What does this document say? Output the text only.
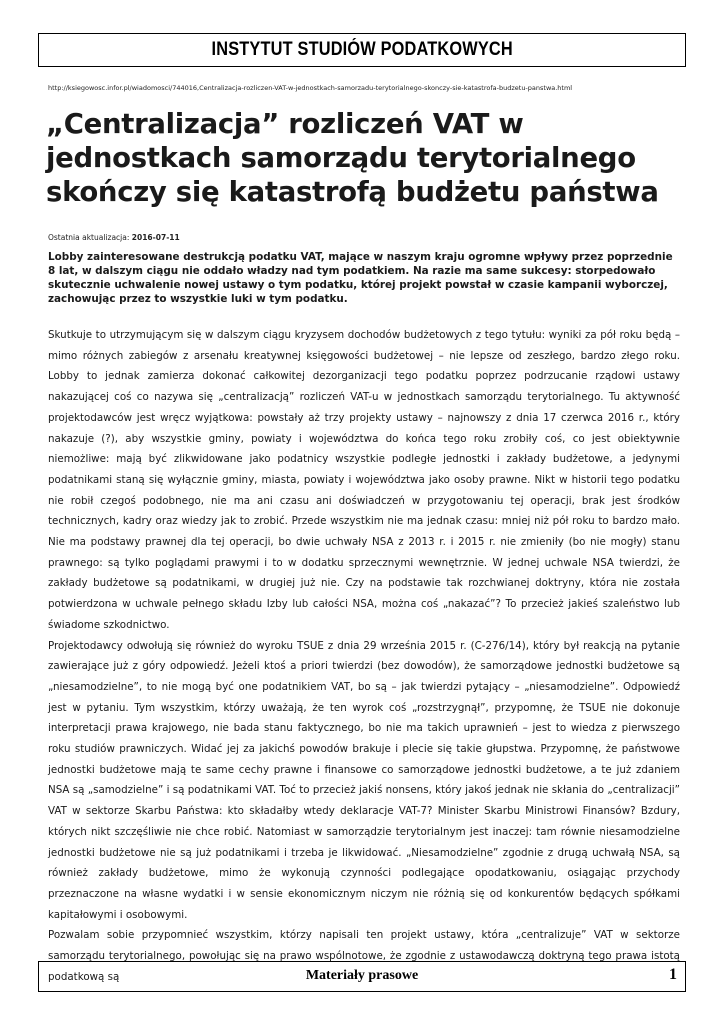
INSTYTUT STUDIÓW PODATKOWYCH
http://ksiegowosc.infor.pl/wiadomosci/744016,Centralizacja-rozliczen-VAT-w-jednostkach-samorzadu-terytorialnego-skonczy-sie-katastrofa-budzetu-panstwa.html
„Centralizacja” rozliczeń VAT w jednostkach samorządu terytorialnego skończy się katastrofą budżetu państwa
Ostatnia aktualizacja: 2016-07-11

Lobby zainteresowane destrukcją podatku VAT, mające w naszym kraju ogromne wpływy przez poprzednie 8 lat, w dalszym ciągu nie oddało władzy nad tym podatkiem. Na razie ma same sukcesy: storpedowało skutecznie uchwalenie nowej ustawy o tym podatku, której projekt powstał w czasie kampanii wyborczej, zachowując przez to wszystkie luki w tym podatku.

Skutkuje to utrzymującym się w dalszym ciągu kryzysem dochodów budżetowych z tego tytułu: wyniki za pół roku będą – mimo różnych zabiegów z arsenału kreatywnej księgowości budżetowej – nie lepsze od zeszłego, bardzo złego roku. Lobby to jednak zamierza dokonać całkowitej dezorganizacji tego podatku poprzez podrzucanie rządowi ustawy nakazującej coś co nazywa się „centralizacją” rozliczeń VAT-u w jednostkach samorządu terytorialnego. Tu aktywność projektodawców jest wręcz wyjątkowa: powstały aż trzy projekty ustawy – najnowszy z dnia 17 czerwca 2016 r., który nakazuje (?), aby wszystkie gminy, powiaty i województwa do końca tego roku zrobiły coś, co jest obiektywnie niemożliwe: mają być zlikwidowane jako podatnicy wszystkie podległe jednostki i zakłady budżetowe, a jedynymi podatnikami staną się wyłącznie gminy, miasta, powiaty i województwa jako osoby prawne. Nikt w historii tego podatku nie robił czegoś podobnego, nie ma ani czasu ani doświadczeń w przygotowaniu tej operacji, brak jest środków technicznych, kadry oraz wiedzy jak to zrobić. Przede wszystkim nie ma jednak czasu: mniej niż pół roku to bardzo mało. Nie ma podstawy prawnej dla tej operacji, bo dwie uchwały NSA z 2013 r. i 2015 r. nie zmieniły (bo nie mogły) stanu prawnego: są tylko poglądami prawymi i to w dodatku sprzecznymi wewnętrznie. W jednej uchwale NSA twierdzi, że zakłady budżetowe są podatnikami, w drugiej już nie. Czy na podstawie tak rozchwianej doktryny, która nie została potwierdzona w uchwale pełnego składu Izby lub całości NSA, można coś „nakazać”? To przecież jakieś szaleństwo lub świadome szkodnictwo.

Projektodawcy odwołują się również do wyroku TSUE z dnia 29 września 2015 r. (C-276/14), który był reakcją na pytanie zawierające już z góry odpowiedź. Jeżeli ktoś a priori twierdzi (bez dowodów), że samorządowe jednostki budżetowe są „niesamodzielne”, to nie mogą być one podatnikiem VAT, bo są – jak twierdzi pytający – „niesamodzielne”. Odpowiedź jest w pytaniu. Tym wszystkim, którzy uważają, że ten wyrok coś „rozstrzygnął”, przypomnę, że TSUE nie dokonuje interpretacji prawa krajowego, nie bada stanu faktycznego, bo nie ma takich uprawnień – jest to wiedza z pierwszego roku studiów prawniczych. Widać jej za jakichś powodów brakuje i plecie się takie głupstwa. Przypomnę, że państwowe jednostki budżetowe mają te same cechy prawne i finansowe co samorządowe jednostki budżetowe, a te już zdaniem NSA są „samodzielne” i są podatnikami VAT. Toć to przecież jakiś nonsens, który jakoś jednak nie skłania do „centralizacji” VAT w sektorze Skarbu Państwa: kto składałby wtedy deklaracje VAT-7? Minister Skarbu Ministrowi Finansów? Bzdury, których nikt szczęśliwie nie chce robić. Natomiast w samorządzie terytorialnym jest inaczej: tam równie niesamodzielne jednostki budżetowe nie są już podatnikami i trzeba je likwidować. „Niesamodzielne” zgodnie z drugą uchwałą NSA, są również zakłady budżetowe, mimo że wykonują czynności podlegające opodatkowaniu, osiągając przychody przeznaczone na własne wydatki i w sensie ekonomicznym niczym nie różnią się od konkurentów będących spółkami kapitałowymi i osobowymi.

Pozwalam sobie przypomnieć wszystkim, którzy napisali ten projekt ustawy, która „centralizuje” VAT w sektorze samorządu terytorialnego, powołując się na prawo wspólnotowe, że zgodnie z ustawodawczą doktryną tego prawa istotą podatkową są	Materiały prasowe	1
